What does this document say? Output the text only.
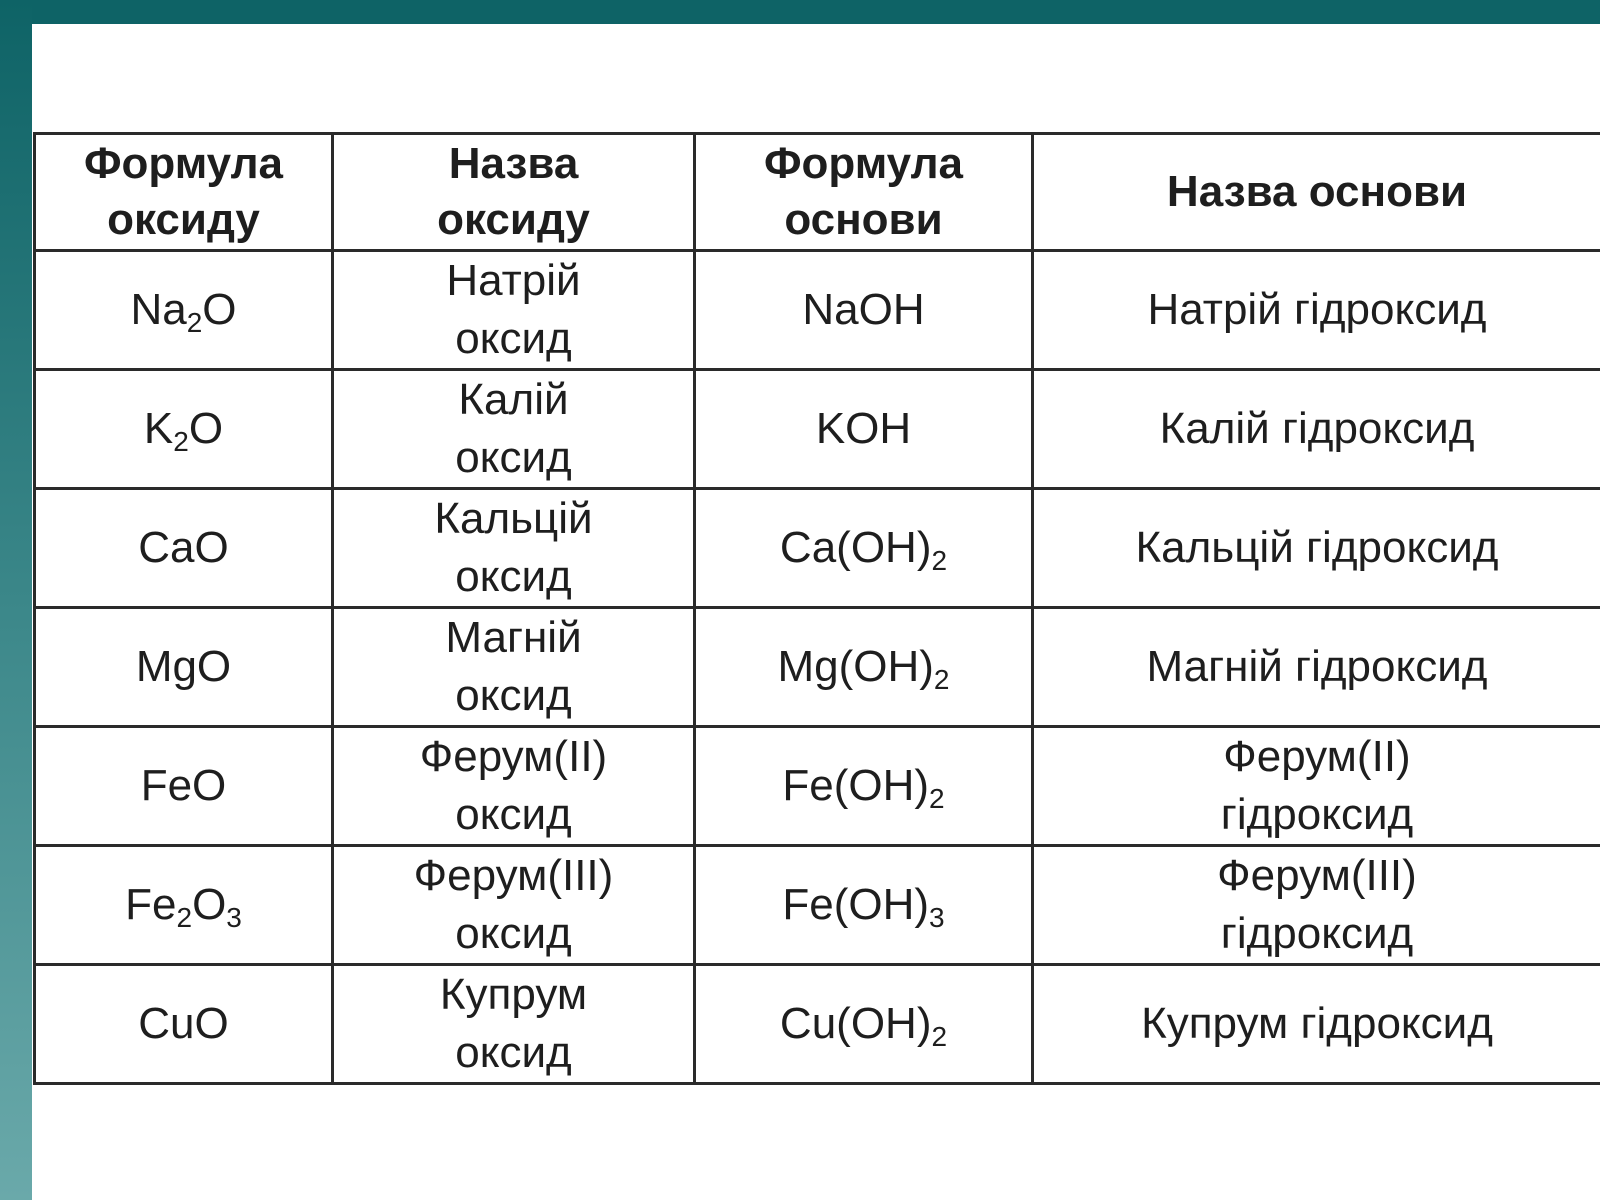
Формула оксиду	Назва оксиду	Формула основи	Назва основи
$Na_2O$	Натрій оксид	NaOH	Натрій гідроксид
$K_2O$	Калій оксид	KOH	Калій гідроксид
CaO	Кальцій оксид	$Ca(OH)_2$	Кальцій гідроксид
MgO	Магній оксид	$Mg(OH)_2$	Магній гідроксид
FeO	Ферум(ІІ) оксид	$Fe(OH)_2$	Ферум(ІІ) гідроксид
$Fe_2O_3$	Ферум(ІІІ) оксид	$Fe(OH)_3$	Ферум(ІІІ) гідроксид
CuO	Купрум оксид	$Cu(OH)_2$	Купрум гідроксид
